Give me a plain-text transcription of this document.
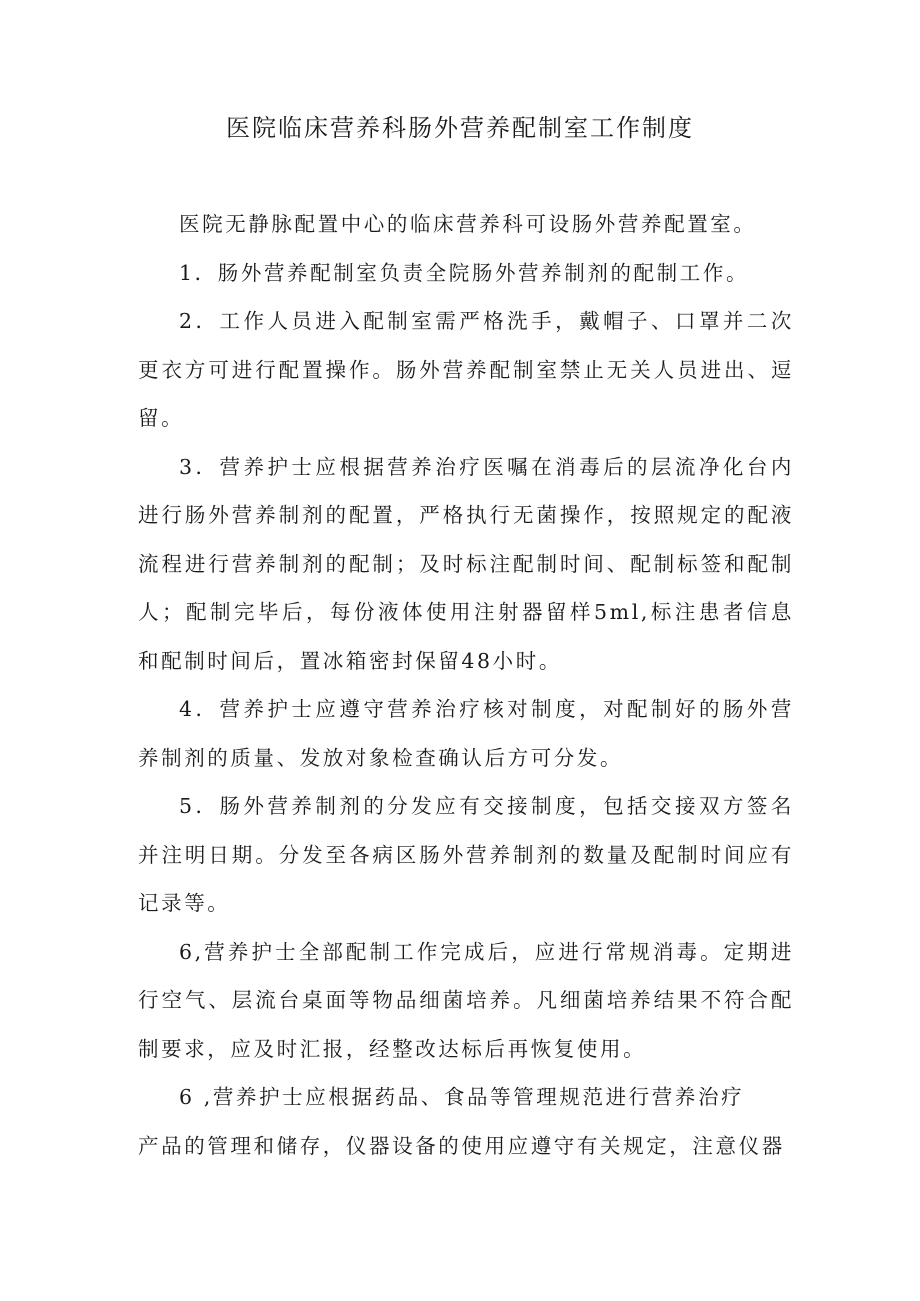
医院临床营养科肠外营养配制室工作制度

医院无静脉配置中心的临床营养科可设肠外营养配置室。

1．肠外营养配制室负责全院肠外营养制剂的配制工作。

2．工作人员进入配制室需严格洗手，戴帽子、口罩并二次更衣方可进行配置操作。肠外营养配制室禁止无关人员进出、逗留。

3．营养护士应根据营养治疗医嘱在消毒后的层流净化台内进行肠外营养制剂的配置，严格执行无菌操作，按照规定的配液流程进行营养制剂的配制；及时标注配制时间、配制标签和配制人；配制完毕后，每份液体使用注射器留样5ml,标注患者信息和配制时间后，置冰箱密封保留48小时。

4．营养护士应遵守营养治疗核对制度，对配制好的肠外营养制剂的质量、发放对象检查确认后方可分发。

5．肠外营养制剂的分发应有交接制度，包括交接双方签名并注明日期。分发至各病区肠外营养制剂的数量及配制时间应有记录等。

6,营养护士全部配制工作完成后，应进行常规消毒。定期进行空气、层流台桌面等物品细菌培养。凡细菌培养结果不符合配制要求，应及时汇报，经整改达标后再恢复使用。

6 ,营养护士应根据药品、食品等管理规范进行营养治疗

产品的管理和储存，仪器设备的使用应遵守有关规定，注意仪器
